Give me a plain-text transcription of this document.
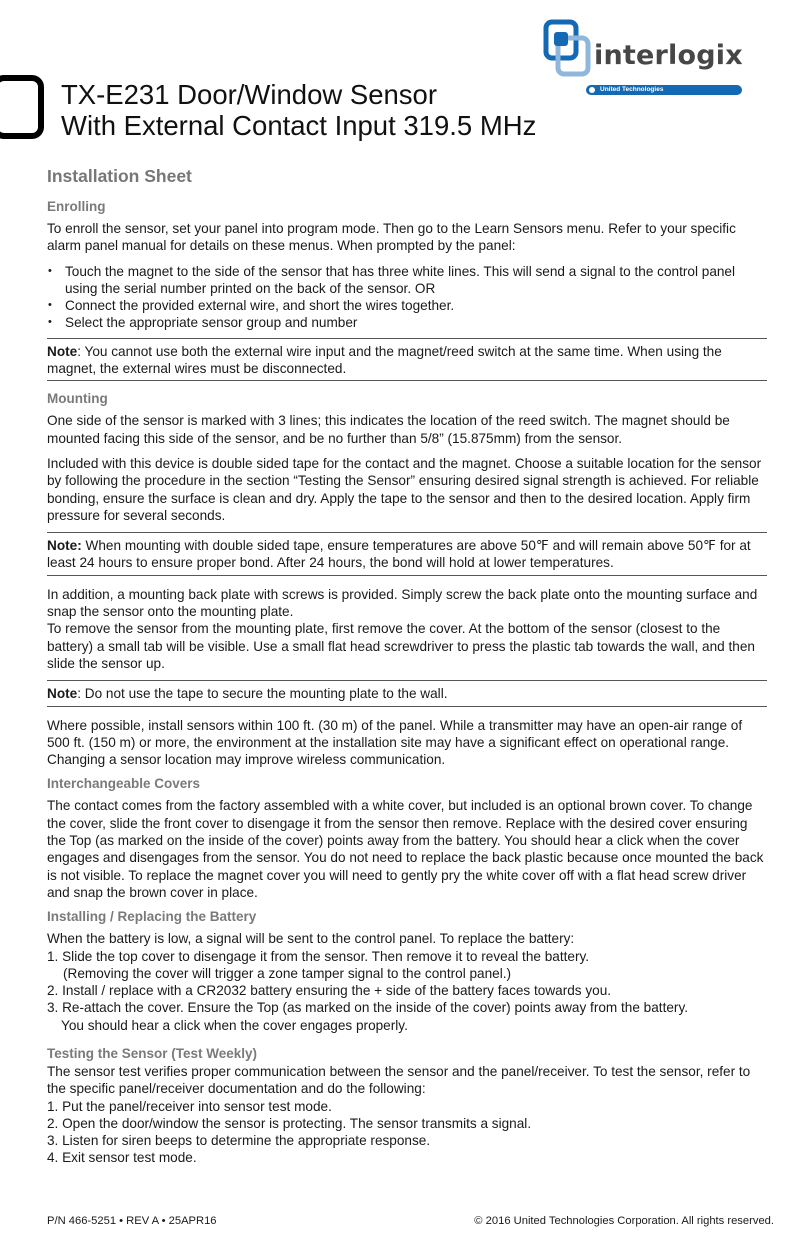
interlogix
United Technologies
TX-E231 Door/Window Sensor
With External Contact Input 319.5 MHz
Installation Sheet
Enrolling

To enroll the sensor, set your panel into program mode. Then go to the Learn Sensors menu. Refer to your specific alarm panel manual for details on these menus. When prompted by the panel:

• Touch the magnet to the side of the sensor that has three white lines. This will send a signal to the control panel using the serial number printed on the back of the sensor. OR
• Connect the provided external wire, and short the wires together.
• Select the appropriate sensor group and number

Note: You cannot use both the external wire input and the magnet/reed switch at the same time. When using the magnet, the external wires must be disconnected.

Mounting

One side of the sensor is marked with 3 lines; this indicates the location of the reed switch. The magnet should be mounted facing this side of the sensor, and be no further than 5/8” (15.875mm) from the sensor.

Included with this device is double sided tape for the contact and the magnet. Choose a suitable location for the sensor by following the procedure in the section “Testing the Sensor” ensuring desired signal strength is achieved. For reliable bonding, ensure the surface is clean and dry. Apply the tape to the sensor and then to the desired location. Apply firm pressure for several seconds.

Note: When mounting with double sided tape, ensure temperatures are above 50℉ and will remain above 50℉ for at least 24 hours to ensure proper bond. After 24 hours, the bond will hold at lower temperatures.

In addition, a mounting back plate with screws is provided. Simply screw the back plate onto the mounting surface and snap the sensor onto the mounting plate.
To remove the sensor from the mounting plate, first remove the cover. At the bottom of the sensor (closest to the battery) a small tab will be visible. Use a small flat head screwdriver to press the plastic tab towards the wall, and then slide the sensor up.

Note: Do not use the tape to secure the mounting plate to the wall.

Where possible, install sensors within 100 ft. (30 m) of the panel. While a transmitter may have an open-air range of 500 ft. (150 m) or more, the environment at the installation site may have a significant effect on operational range. Changing a sensor location may improve wireless communication.

Interchangeable Covers

The contact comes from the factory assembled with a white cover, but included is an optional brown cover. To change the cover, slide the front cover to disengage it from the sensor then remove. Replace with the desired cover ensuring the Top (as marked on the inside of the cover) points away from the battery. You should hear a click when the cover engages and disengages from the sensor. You do not need to replace the back plastic because once mounted the back is not visible. To replace the magnet cover you will need to gently pry the white cover off with a flat head screw driver and snap the brown cover in place.

Installing / Replacing the Battery

When the battery is low, a signal will be sent to the control panel. To replace the battery:

1. Slide the top cover to disengage it from the sensor. Then remove it to reveal the battery.

(Removing the cover will trigger a zone tamper signal to the control panel.)

2. Install / replace with a CR2032 battery ensuring the + side of the battery faces towards you.

3. Re-attach the cover. Ensure the Top (as marked on the inside of the cover) points away from the battery.

You should hear a click when the cover engages properly.

Testing the Sensor (Test Weekly)

The sensor test verifies proper communication between the sensor and the panel/receiver. To test the sensor, refer to the specific panel/receiver documentation and do the following:

1. Put the panel/receiver into sensor test mode.

2. Open the door/window the sensor is protecting. The sensor transmits a signal.

3. Listen for siren beeps to determine the appropriate response.

4. Exit sensor test mode.

P/N 466-5251 • REV A • 25APR16	© 2016 United Technologies Corporation. All rights reserved.
